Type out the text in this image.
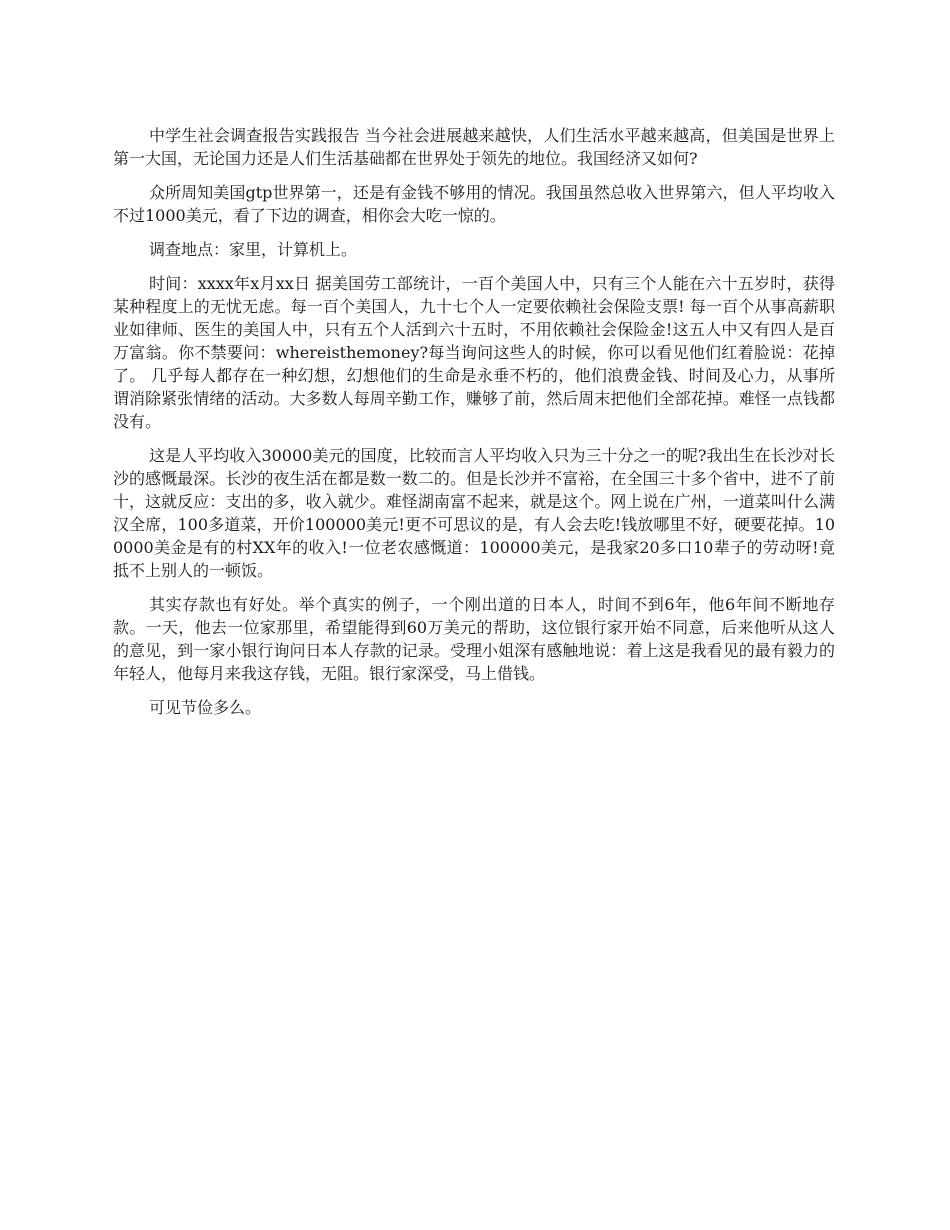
中学生社会调查报告实践报告 当今社会进展越来越快，人们生活水平越来越高，但美国是世界上第一大国，无论国力还是人们生活基础都在世界处于领先的地位。我国经济又如何?

众所周知美国gtp世界第一，还是有金钱不够用的情况。我国虽然总收入世界第六，但人平均收入不过1000美元，看了下边的调查，相你会大吃一惊的。

调查地点：家里，计算机上。

时间：xxxx年x月xx日 据美国劳工部统计，一百个美国人中，只有三个人能在六十五岁时，获得某种程度上的无忧无虑。每一百个美国人，九十七个人一定要依赖社会保险支票! 每一百个从事高薪职业如律师、医生的美国人中，只有五个人活到六十五时，不用依赖社会保险金!这五人中又有四人是百万富翁。你不禁要问：whereisthemoney?每当询问这些人的时候，你可以看见他们红着脸说：花掉了。 几乎每人都存在一种幻想，幻想他们的生命是永垂不朽的，他们浪费金钱、时间及心力，从事所谓消除紧张情绪的活动。大多数人每周辛勤工作，赚够了前，然后周末把他们全部花掉。难怪一点钱都没有。

这是人平均收入30000美元的国度，比较而言人平均收入只为三十分之一的呢?我出生在长沙对长沙的感慨最深。长沙的夜生活在都是数一数二的。但是长沙并不富裕，在全国三十多个省中，进不了前十，这就反应：支出的多，收入就少。难怪湖南富不起来，就是这个。网上说在广州，一道菜叫什么满汉全席，100多道菜，开价100000美元!更不可思议的是，有人会去吃!钱放哪里不好，硬要花掉。100000美金是有的村XX年的收入!一位老农感慨道：100000美元，是我家20多口10辈子的劳动呀!竟抵不上别人的一顿饭。

其实存款也有好处。举个真实的例子，一个刚出道的日本人，时间不到6年，他6年间不断地存款。一天，他去一位家那里，希望能得到60万美元的帮助，这位银行家开始不同意，后来他听从这人的意见，到一家小银行询问日本人存款的记录。受理小姐深有感触地说：着上这是我看见的最有毅力的年轻人，他每月来我这存钱，无阻。银行家深受，马上借钱。

可见节俭多么。
